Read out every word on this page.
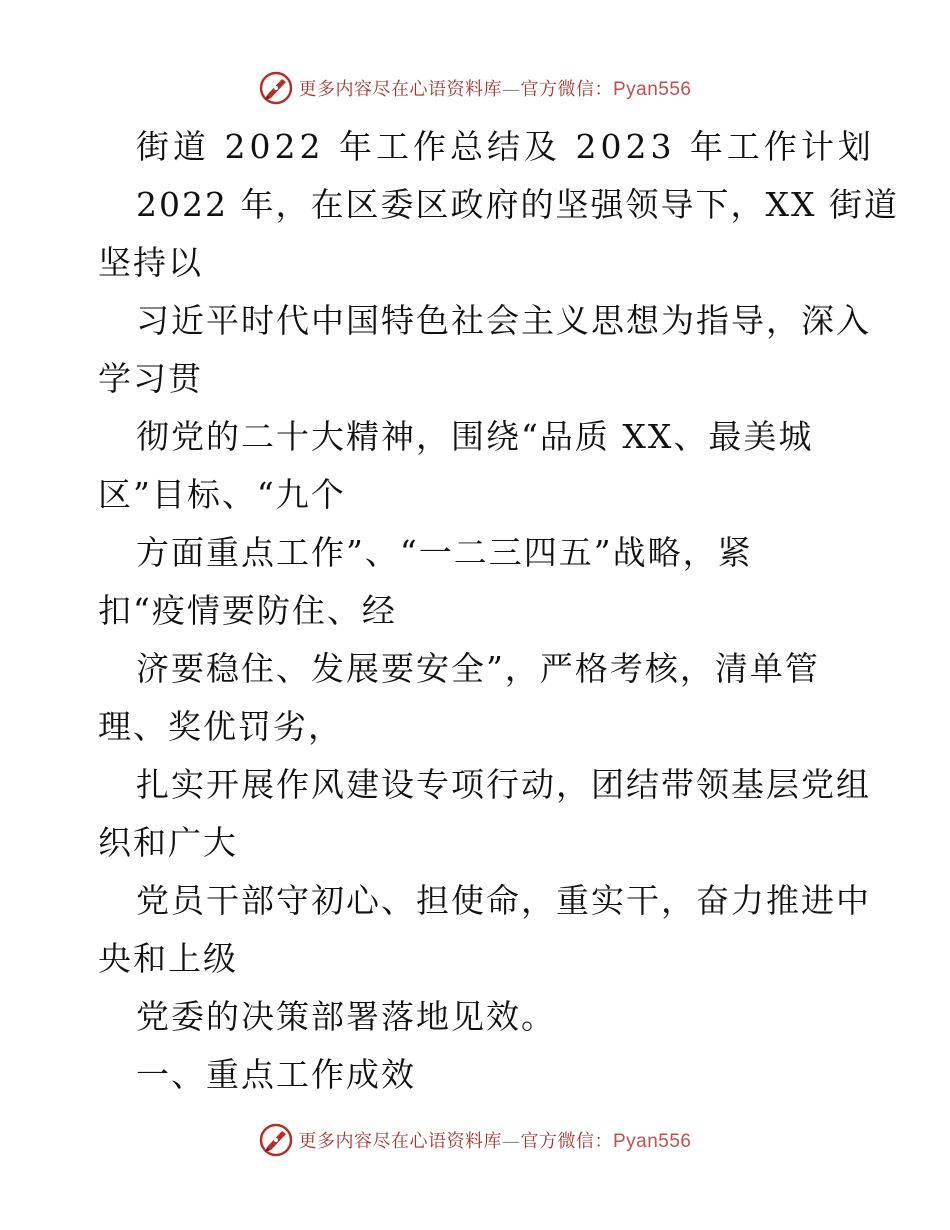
更多内容尽在心语资料库—官方微信：Pyan556
街道 2022 年工作总结及 2023 年工作计划
2022 年，在区委区政府的坚强领导下，XX 街道
坚持以
习近平时代中国特色社会主义思想为指导，深入
学习贯
彻党的二十大精神，围绕“品质 XX、最美城
区”目标、“九个
方面重点工作”、“一二三四五”战略，紧
扣“疫情要防住、经
济要稳住、发展要安全”，严格考核，清单管
理、奖优罚劣，
扎实开展作风建设专项行动，团结带领基层党组
织和广大
党员干部守初心、担使命，重实干，奋力推进中
央和上级
党委的决策部署落地见效。
一、重点工作成效
更多内容尽在心语资料库—官方微信：Pyan556
